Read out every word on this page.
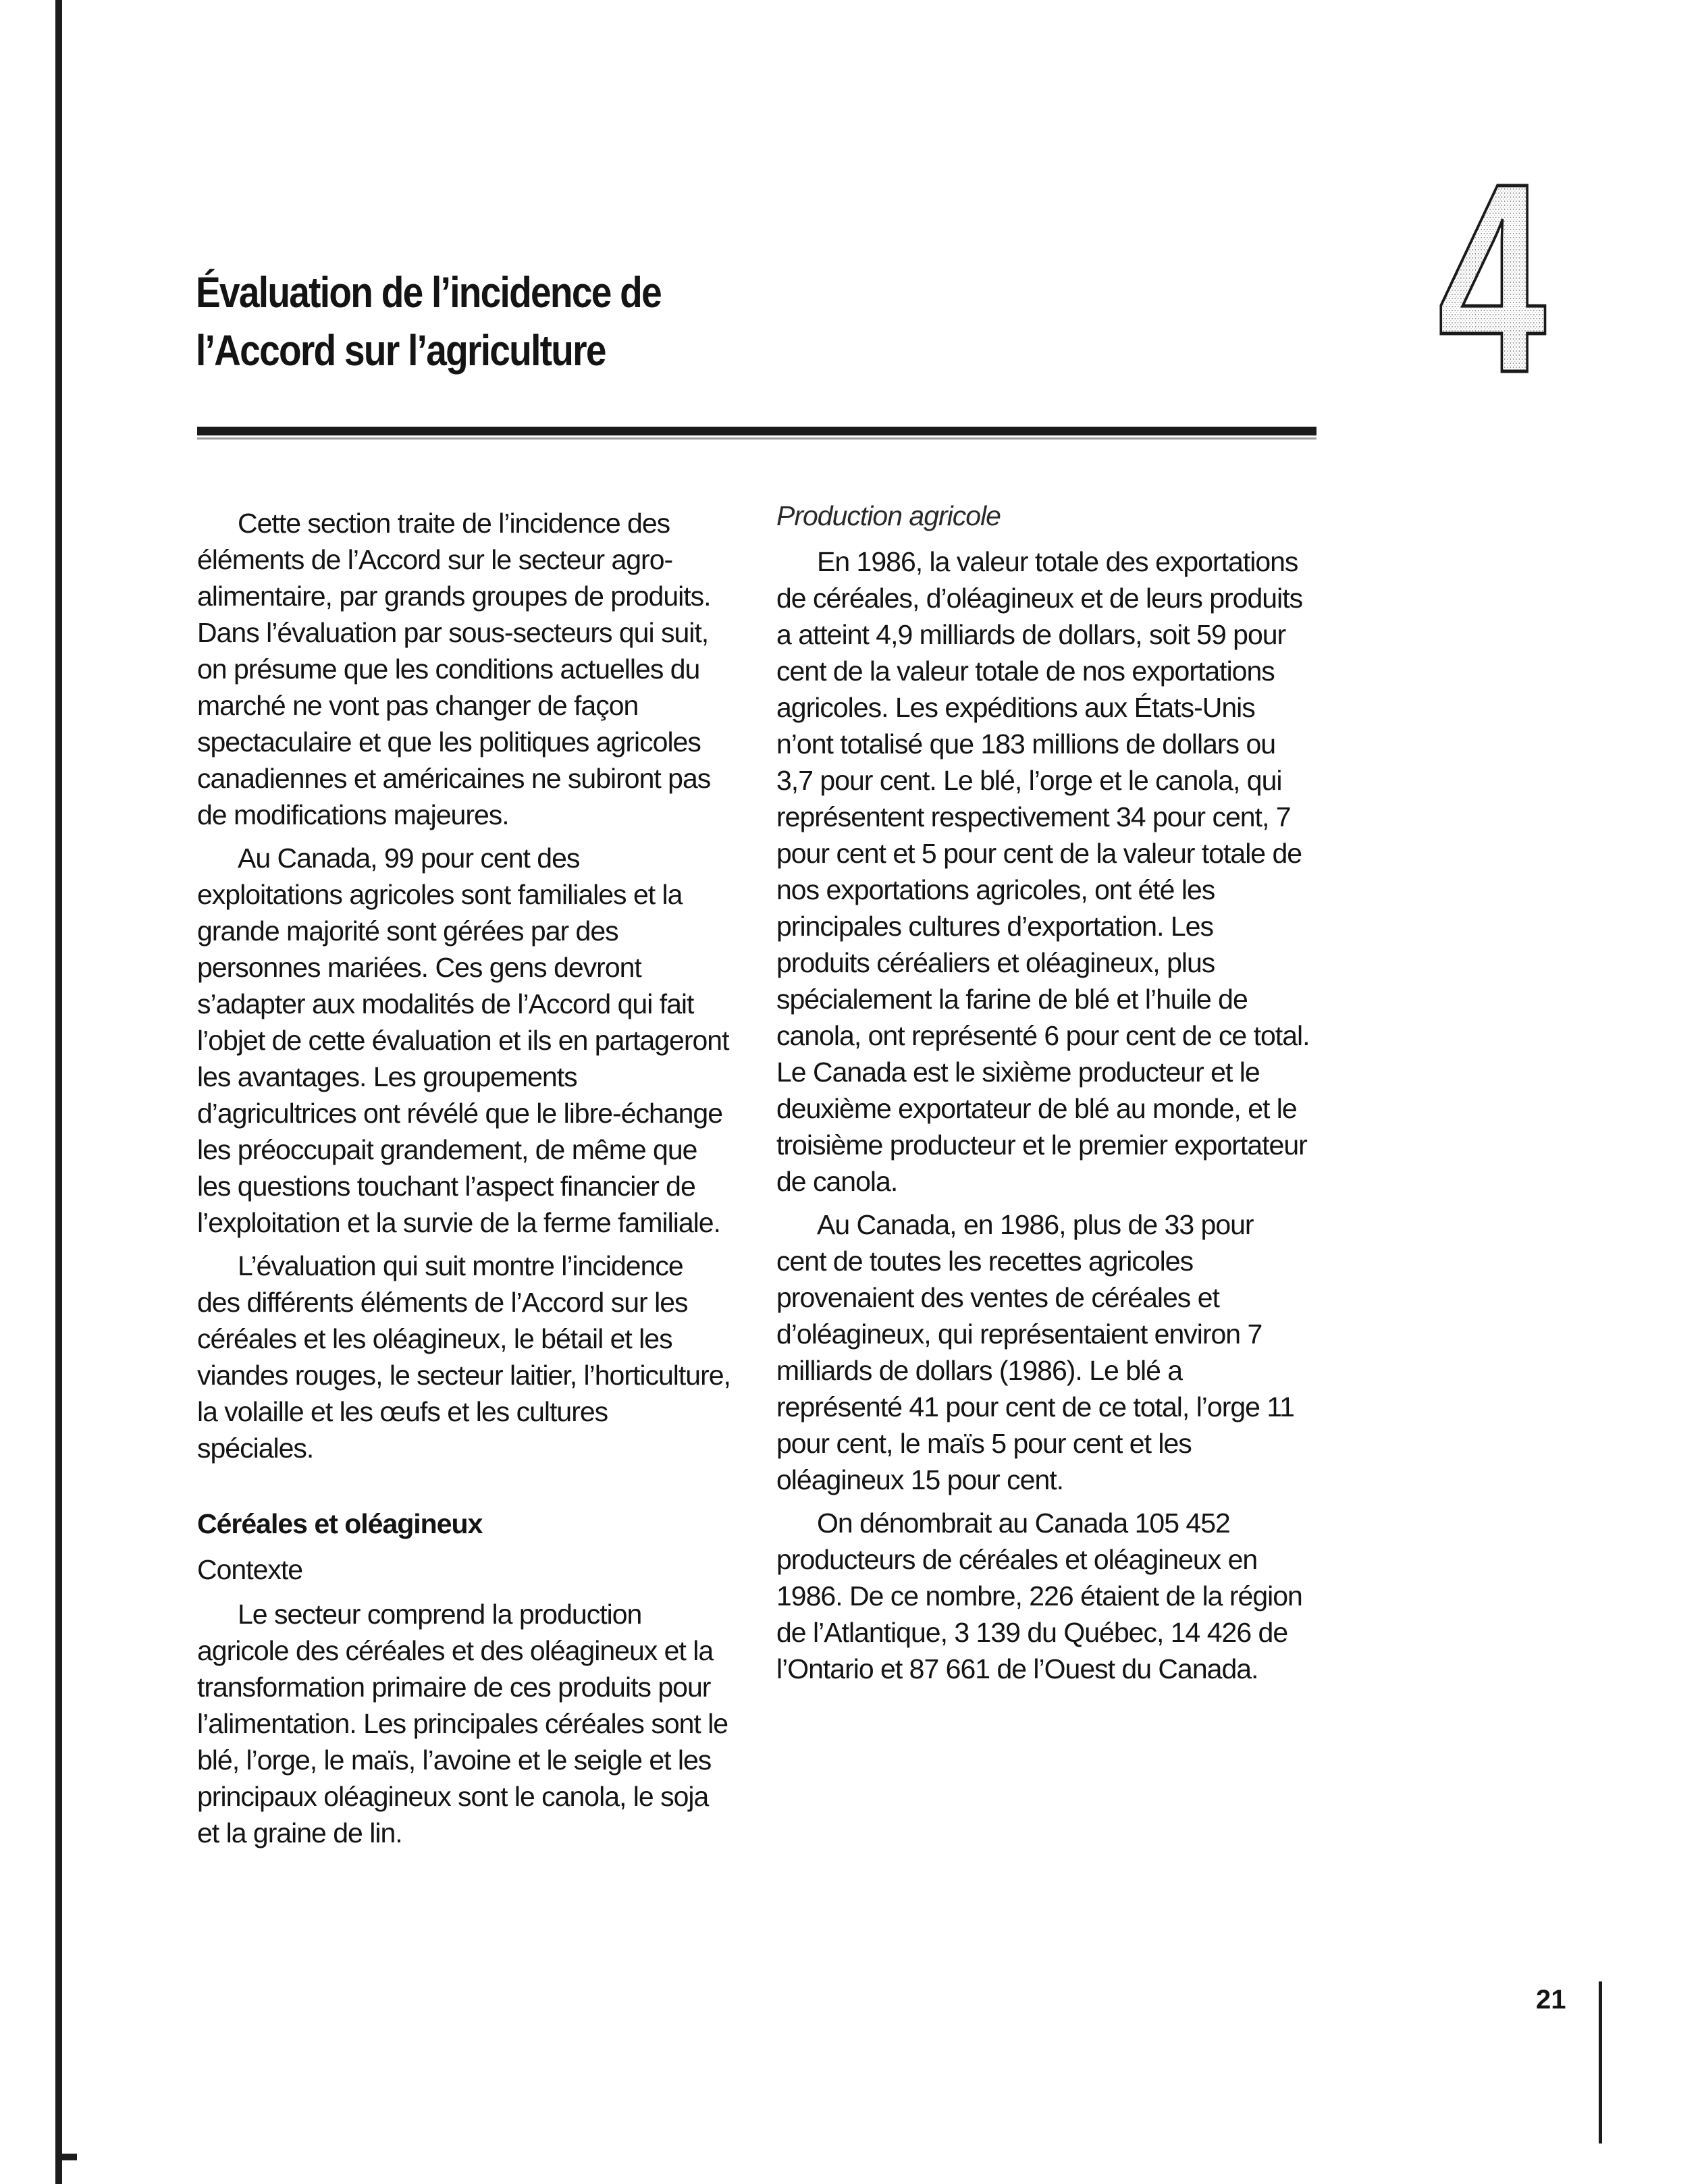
Évaluation de l’incidence de
l’Accord sur l’agriculture	4

Cette section traite de l’incidence des éléments de l’Accord sur le secteur agro-alimentaire, par grands groupes de produits. Dans l’évaluation par sous-secteurs qui suit, on présume que les conditions actuelles du marché ne vont pas changer de façon spectaculaire et que les politiques agricoles canadiennes et américaines ne subiront pas de modifications majeures.

Au Canada, 99 pour cent des exploitations agricoles sont familiales et la grande majorité sont gérées par des personnes mariées. Ces gens devront s’adapter aux modalités de l’Accord qui fait l’objet de cette évaluation et ils en partageront les avantages. Les groupements d’agricultrices ont révélé que le libre-échange les préoccupait grandement, de même que les questions touchant l’aspect financier de l’exploitation et la survie de la ferme familiale.

L’évaluation qui suit montre l’incidence des différents éléments de l’Accord sur les céréales et les oléagineux, le bétail et les viandes rouges, le secteur laitier, l’horticulture, la volaille et les œufs et les cultures spéciales.

Céréales et oléagineux
Contexte

Le secteur comprend la production agricole des céréales et des oléagineux et la transformation primaire de ces produits pour l’alimentation. Les principales céréales sont le blé, l’orge, le maïs, l’avoine et le seigle et les principaux oléagineux sont le canola, le soja et la graine de lin.

Production agricole

En 1986, la valeur totale des exportations de céréales, d’oléagineux et de leurs produits a atteint 4,9 milliards de dollars, soit 59 pour cent de la valeur totale de nos exportations agricoles. Les expéditions aux États-Unis n’ont totalisé que 183 millions de dollars ou 3,7 pour cent. Le blé, l’orge et le canola, qui représentent respectivement 34 pour cent, 7 pour cent et 5 pour cent de la valeur totale de nos exportations agricoles, ont été les principales cultures d’exportation. Les produits céréaliers et oléagineux, plus spécialement la farine de blé et l’huile de canola, ont représenté 6 pour cent de ce total. Le Canada est le sixième producteur et le deuxième exportateur de blé au monde, et le troisième producteur et le premier exportateur de canola.

Au Canada, en 1986, plus de 33 pour cent de toutes les recettes agricoles provenaient des ventes de céréales et d’oléagineux, qui représentaient environ 7 milliards de dollars (1986). Le blé a représenté 41 pour cent de ce total, l’orge 11 pour cent, le maïs 5 pour cent et les oléagineux 15 pour cent.

On dénombrait au Canada 105 452 producteurs de céréales et oléagineux en 1986. De ce nombre, 226 étaient de la région de l’Atlantique, 3 139 du Québec, 14 426 de l’Ontario et 87 661 de l’Ouest du Canada.

21
